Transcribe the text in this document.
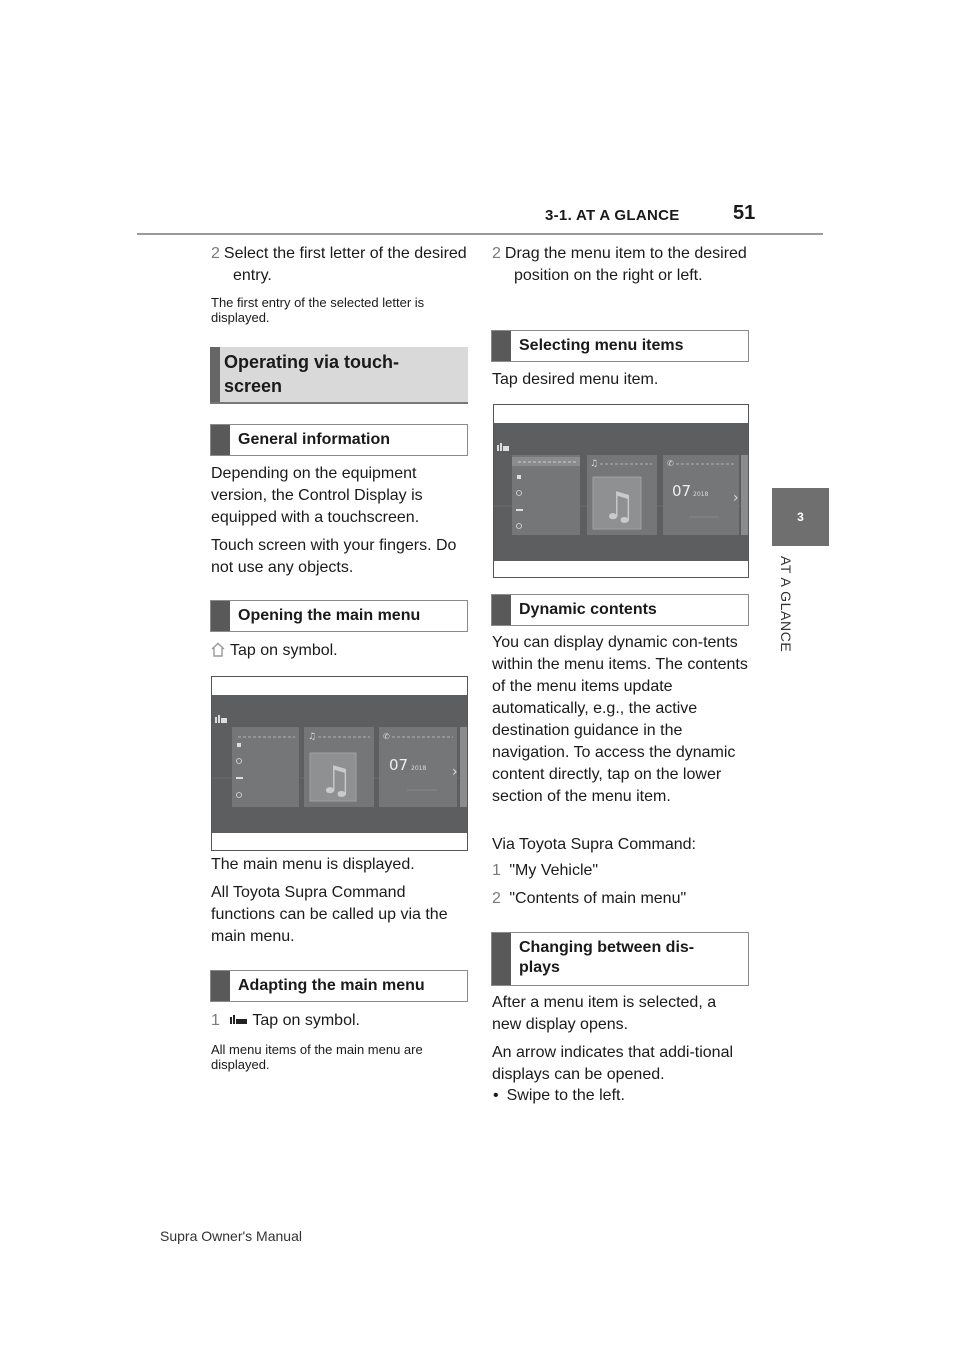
3-1. AT A GLANCE	51
3
AT A GLANCE
2 Select the first letter of the desired entry.
The first entry of the selected letter is displayed.
Operating via touch-screen
General information
Depending on the equipment version, the Control Display is equipped with a touchscreen.
Touch screen with your fingers. Do not use any objects.
Opening the main menu
Tap on symbol.
♫
♫
✆
07 2018 ›
The main menu is displayed.
All Toyota Supra Command functions can be called up via the main menu.
Adapting the main menu
1 Tap on symbol.
All menu items of the main menu are displayed.
2 Drag the menu item to the desired position on the right or left.
Selecting menu items
Tap desired menu item.
♫
♫
✆
07 2018 ›
Dynamic contents
You can display dynamic con-tents within the menu items. The contents of the menu items update automatically, e.g., the active destination guidance in the navigation. To access the dynamic content directly, tap on the lower section of the menu item.
Via Toyota Supra Command:
1 "My Vehicle"
2 "Contents of main menu"
Changing between dis-plays
After a menu item is selected, a new display opens.
An arrow indicates that addi-tional displays can be opened.
• Swipe to the left.
Supra Owner's Manual
